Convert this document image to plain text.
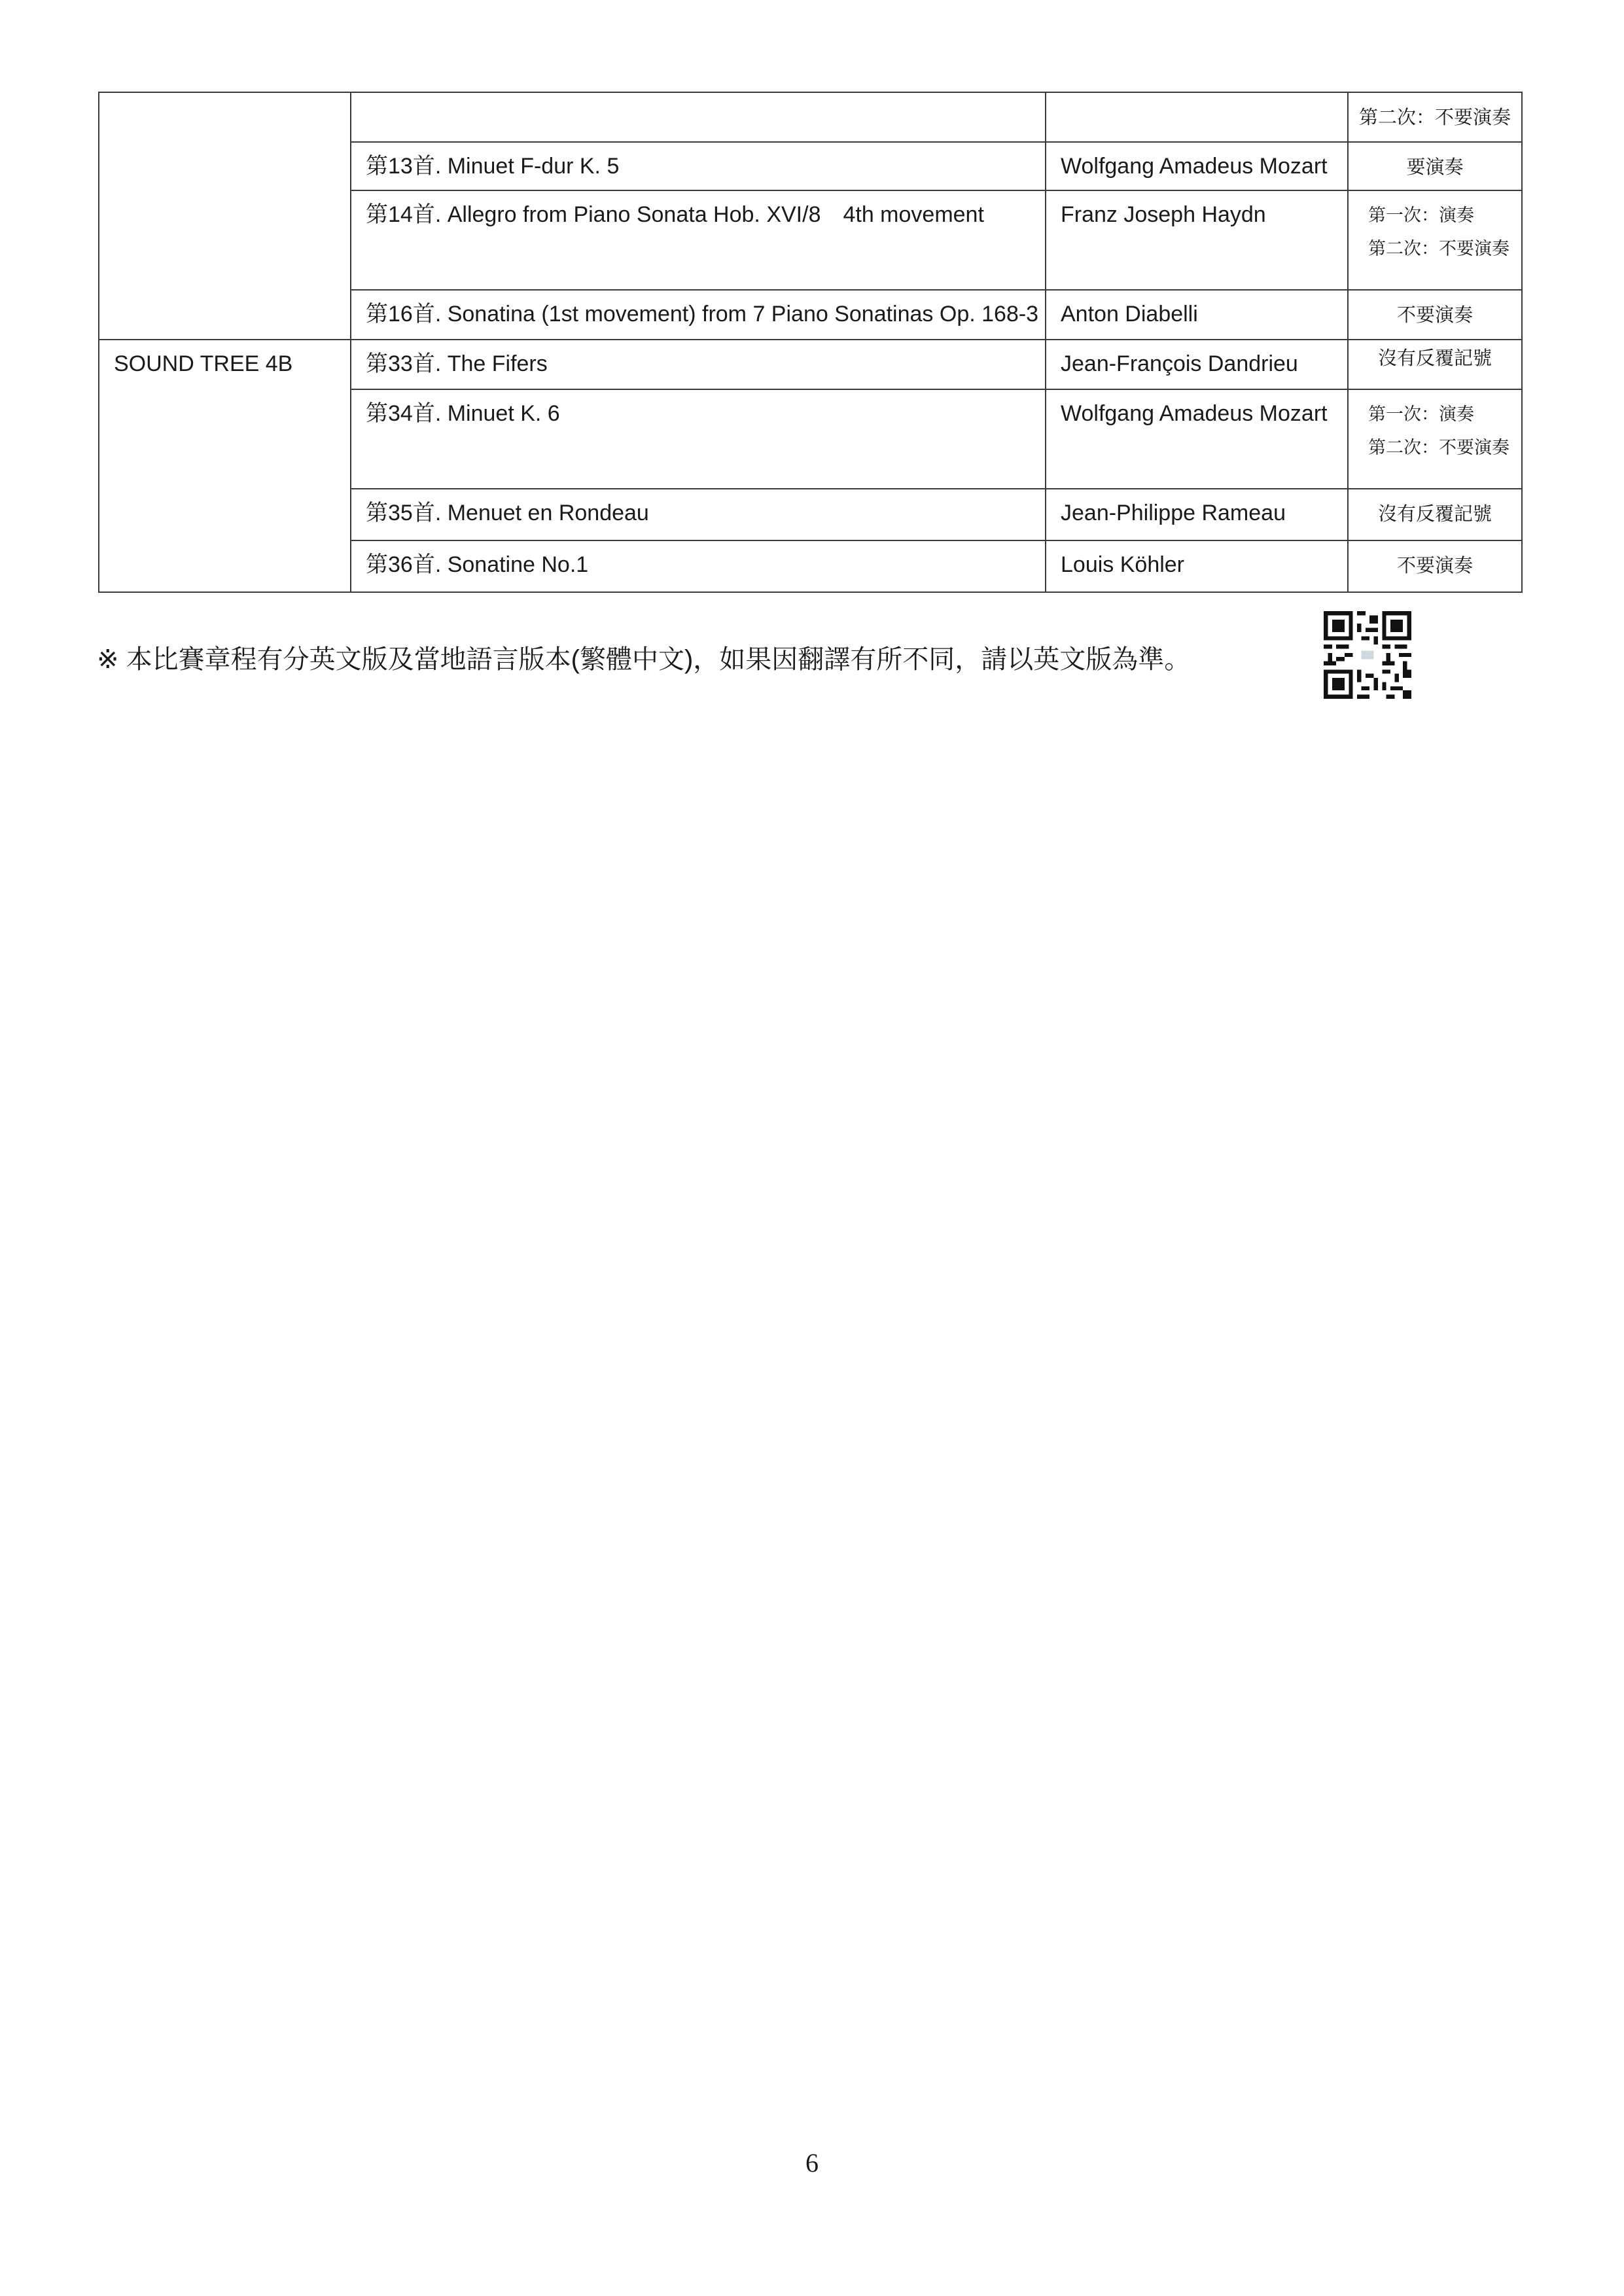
			第二次：不要演奏

	第13首. Minuet F-dur K. 5	Wolfgang Amadeus Mozart	要演奏

	第14首. Allegro from Piano Sonata Hob. XVI/8　4th movement	Franz Joseph Haydn	第一次：演奏
第二次：不要演奏

	第16首. Sonatina (1st movement) from 7 Piano Sonatinas Op. 168-3	Anton Diabelli	不要演奏

SOUND TREE 4B	第33首. The Fifers	Jean-François Dandrieu	沒有反覆記號

	第34首. Minuet K. 6	Wolfgang Amadeus Mozart	第一次：演奏
第二次：不要演奏

	第35首. Menuet en Rondeau	Jean-Philippe Rameau	沒有反覆記號

	第36首. Sonatine No.1	Louis Köhler	不要演奏
※ 本比賽章程有分英文版及當地語言版本(繁體中文)，如果因翻譯有所不同，請以英文版為準。
6
